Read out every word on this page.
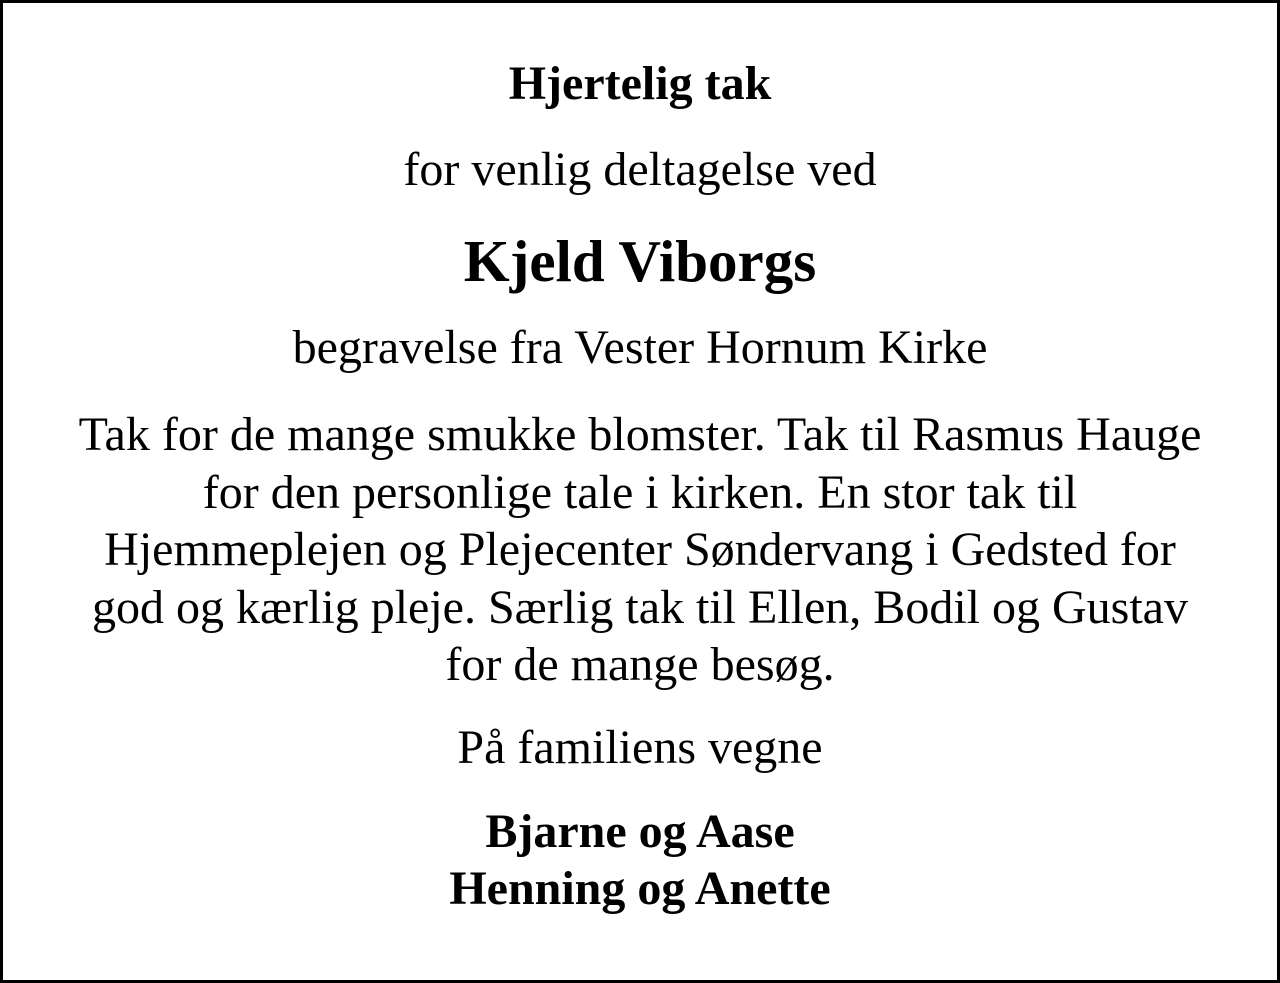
Hjertelig tak

for venlig deltagelse ved

Kjeld Viborgs

begravelse fra Vester Hornum Kirke

Tak for de mange smukke blomster. Tak til Rasmus Hauge
for den personlige tale i kirken. En stor tak til
Hjemmeplejen og Plejecenter Søndervang i Gedsted for
god og kærlig pleje. Særlig tak til Ellen, Bodil og Gustav
for de mange besøg.

På familiens vegne

Bjarne og Aase
Henning og Anette
